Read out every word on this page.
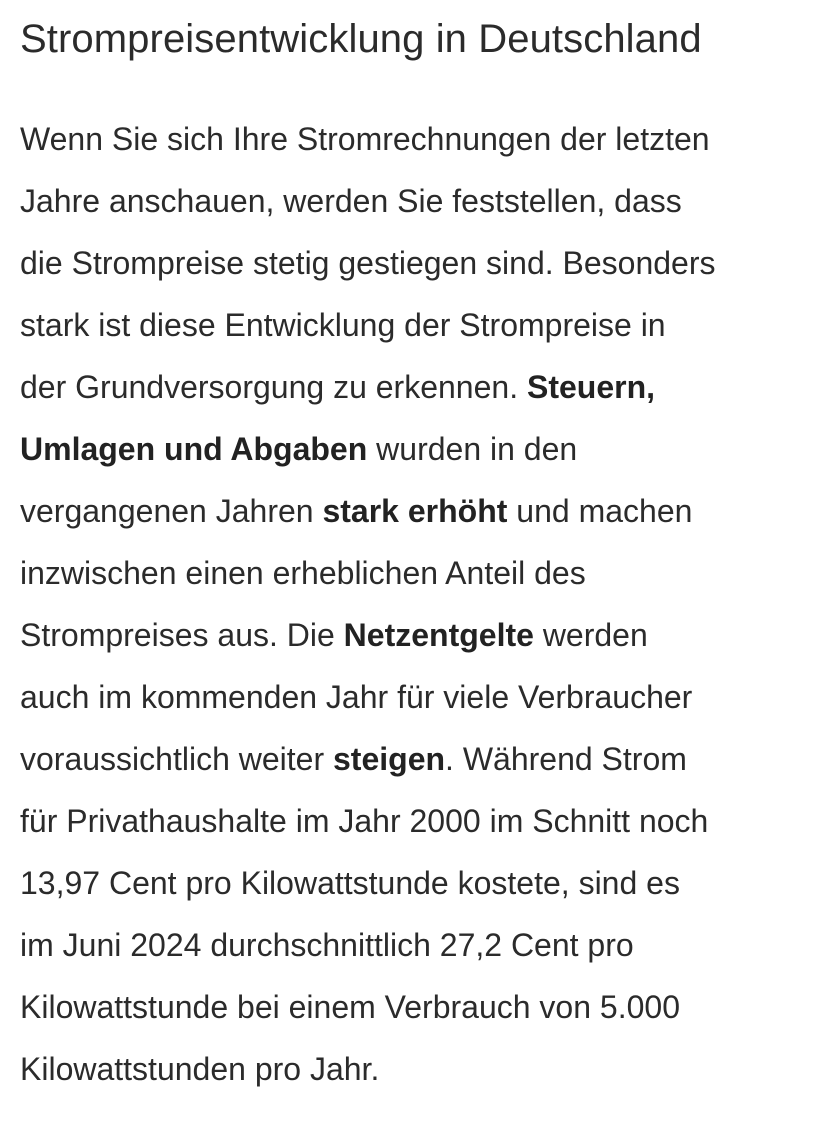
Strompreisentwicklung in Deutschland

Wenn Sie sich Ihre Stromrechnungen der letzten
Jahre anschauen, werden Sie feststellen, dass
die Strompreise stetig gestiegen sind. Besonders
stark ist diese Entwicklung der Strompreise in
der Grundversorgung zu erkennen. Steuern,
Umlagen und Abgaben wurden in den
vergangenen Jahren stark erhöht und machen
inzwischen einen erheblichen Anteil des
Strompreises aus. Die Netzentgelte werden
auch im kommenden Jahr für viele Verbraucher
voraussichtlich weiter steigen. Während Strom
für Privathaushalte im Jahr 2000 im Schnitt noch
13,97 Cent pro Kilowattstunde kostete, sind es
im Juni 2024 durchschnittlich 27,2 Cent pro
Kilowattstunde bei einem Verbrauch von 5.000
Kilowattstunden pro Jahr.
